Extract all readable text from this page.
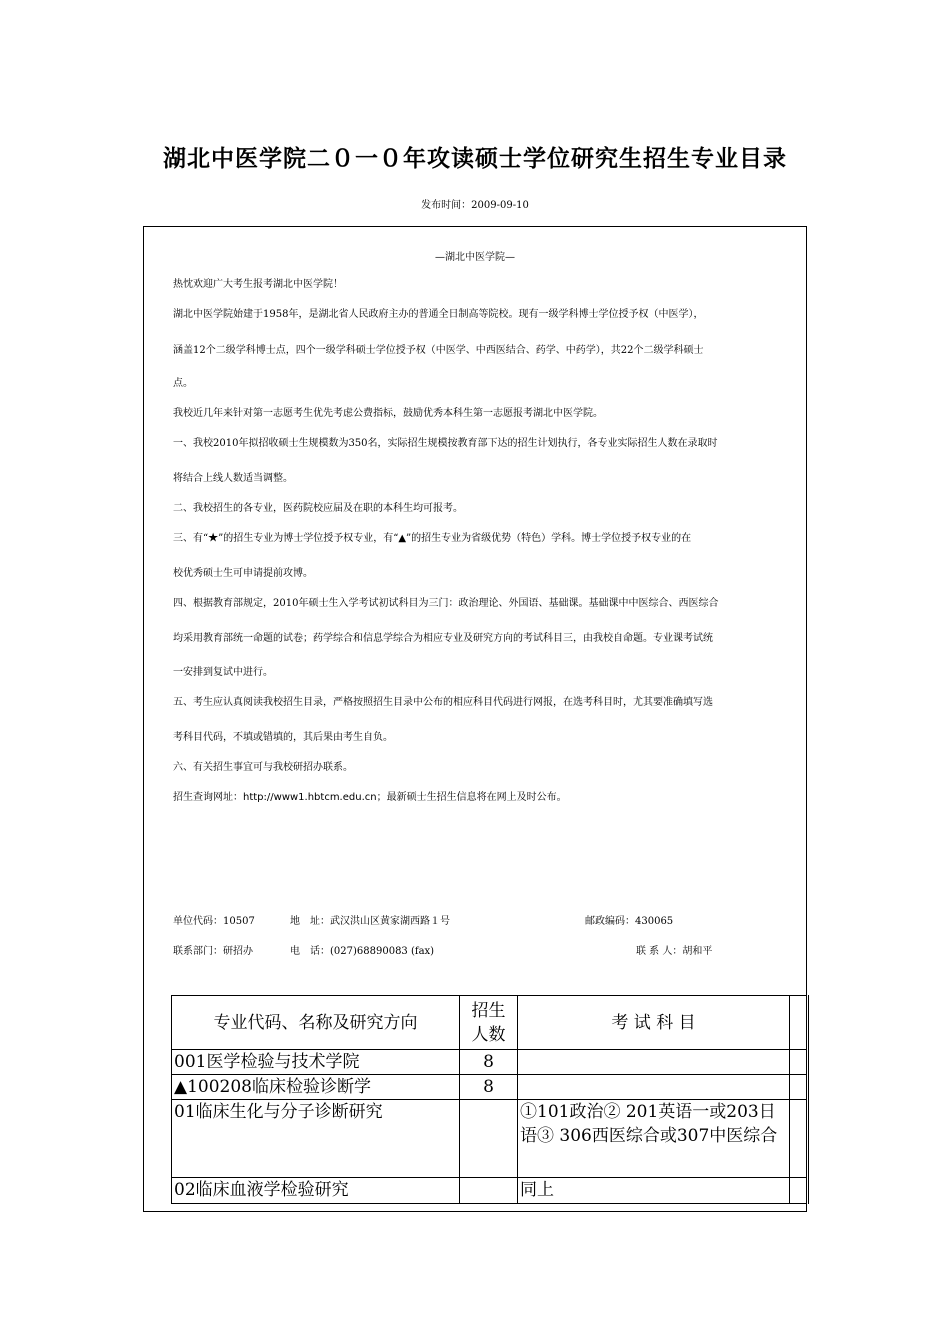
湖北中医学院二０一０年攻读硕士学位研究生招生专业目录
发布时间：2009-09-10
—湖北中医学院—
热忱欢迎广大考生报考湖北中医学院！
湖北中医学院始建于1958年，是湖北省人民政府主办的普通全日制高等院校。现有一级学科博士学位授予权（中医学），
涵盖12个二级学科博士点，四个一级学科硕士学位授予权（中医学、中西医结合、药学、中药学），共22个二级学科硕士
点。
我校近几年来针对第一志愿考生优先考虑公费指标，鼓励优秀本科生第一志愿报考湖北中医学院。
一、我校2010年拟招收硕士生规模数为350名，实际招生规模按教育部下达的招生计划执行，各专业实际招生人数在录取时
将结合上线人数适当调整。
二、我校招生的各专业，医药院校应届及在职的本科生均可报考。
三、有“★”的招生专业为博士学位授予权专业，有“▲”的招生专业为省级优势（特色）学科。博士学位授予权专业的在
校优秀硕士生可申请提前攻博。
四、根据教育部规定，2010年硕士生入学考试初试科目为三门：政治理论、外国语、基础课。基础课中中医综合、西医综合
均采用教育部统一命题的试卷；药学综合和信息学综合为相应专业及研究方向的考试科目三，由我校自命题。专业课考试统
一安排到复试中进行。
五、考生应认真阅读我校招生目录，严格按照招生目录中公布的相应科目代码进行网报，在选考科目时，尤其要准确填写选
考科目代码，不填或错填的，其后果由考生自负。
六、有关招生事宜可与我校研招办联系。
招生查询网址：http://www1.hbtcm.edu.cn；最新硕士生招生信息将在网上及时公布。
单位代码：10507	地　址：武汉洪山区黄家湖西路１号	邮政编码：430065
联系部门：研招办	电　话：(027)68890083 (fax)	联 系 人：胡和平
专业代码、名称及研究方向	招生人数	考 试 科 目	
001医学检验与技术学院	8		
▲100208临床检验诊断学	8		
01临床生化与分子诊断研究		①101政治② 201英语一或203日语③ 306西医综合或307中医综合	
02临床血液学检验研究		同上	
